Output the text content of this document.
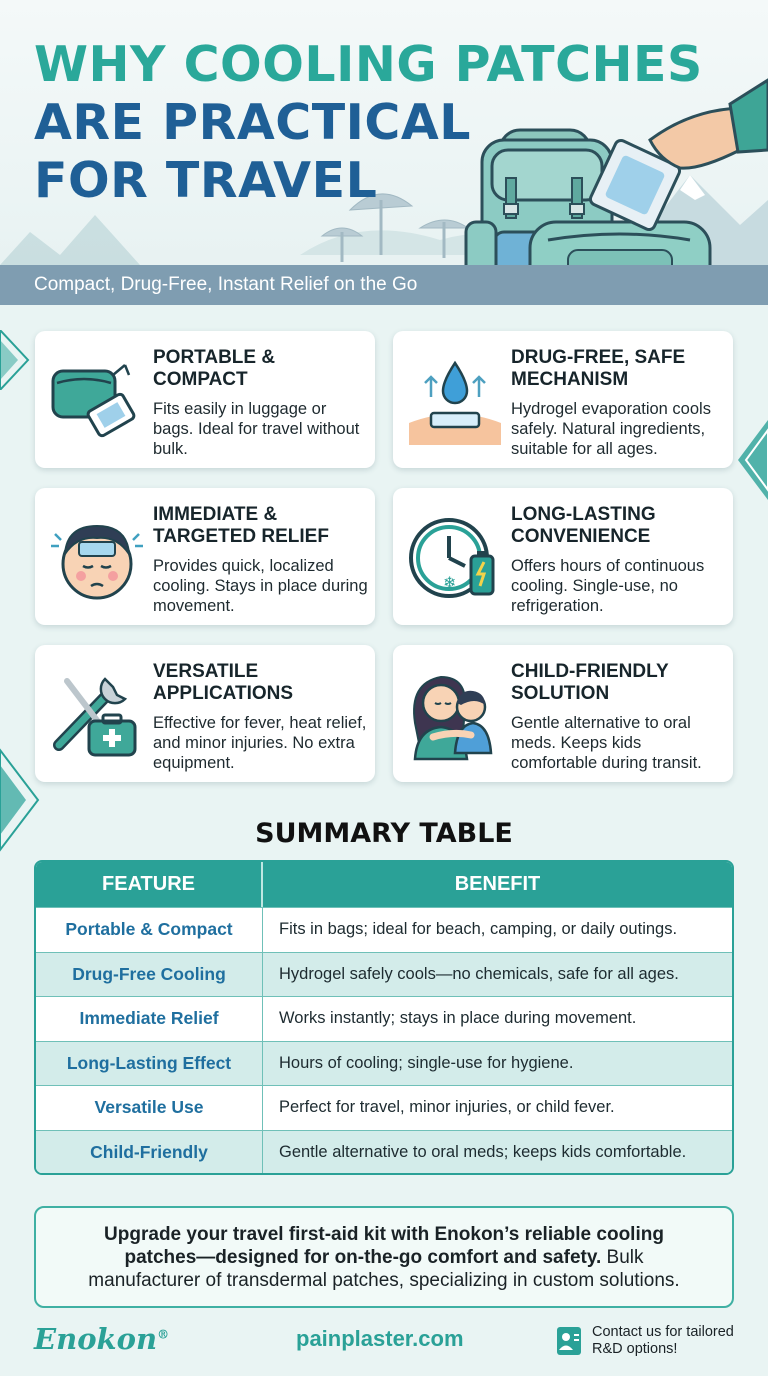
WHY COOLING PATCHES
ARE PRACTICAL
FOR TRAVEL
Compact, Drug-Free, Instant Relief on the Go
PORTABLE & COMPACT
Fits easily in luggage or bags. Ideal for travel without bulk.
DRUG-FREE, SAFE MECHANISM
Hydrogel evaporation cools safely. Natural ingredients, suitable for all ages.
IMMEDIATE & TARGETED RELIEF
Provides quick, localized cooling. Stays in place during movement.
❄
LONG-LASTING CONVENIENCE
Offers hours of continuous cooling. Single-use, no refrigeration.
VERSATILE APPLICATIONS
Effective for fever, heat relief, and minor injuries. No extra equipment.
CHILD-FRIENDLY SOLUTION
Gentle alternative to oral meds. Keeps kids comfortable during transit.
SUMMARY TABLE
FEATURE	BENEFIT
Portable & Compact	Fits in bags; ideal for beach, camping, or daily outings.
Drug-Free Cooling	Hydrogel safely cools—no chemicals, safe for all ages.
Immediate Relief	Works instantly; stays in place during movement.
Long-Lasting Effect	Hours of cooling; single-use for hygiene.
Versatile Use	Perfect for travel, minor injuries, or child fever.
Child-Friendly	Gentle alternative to oral meds; keeps kids comfortable.

Upgrade your travel first-aid kit with Enokon’s reliable cooling patches—designed for on-the-go comfort and safety. Bulk manufacturer of transdermal patches, specializing in custom solutions.

Enokon®	painplaster.com	Contact us for tailored R&D options!
